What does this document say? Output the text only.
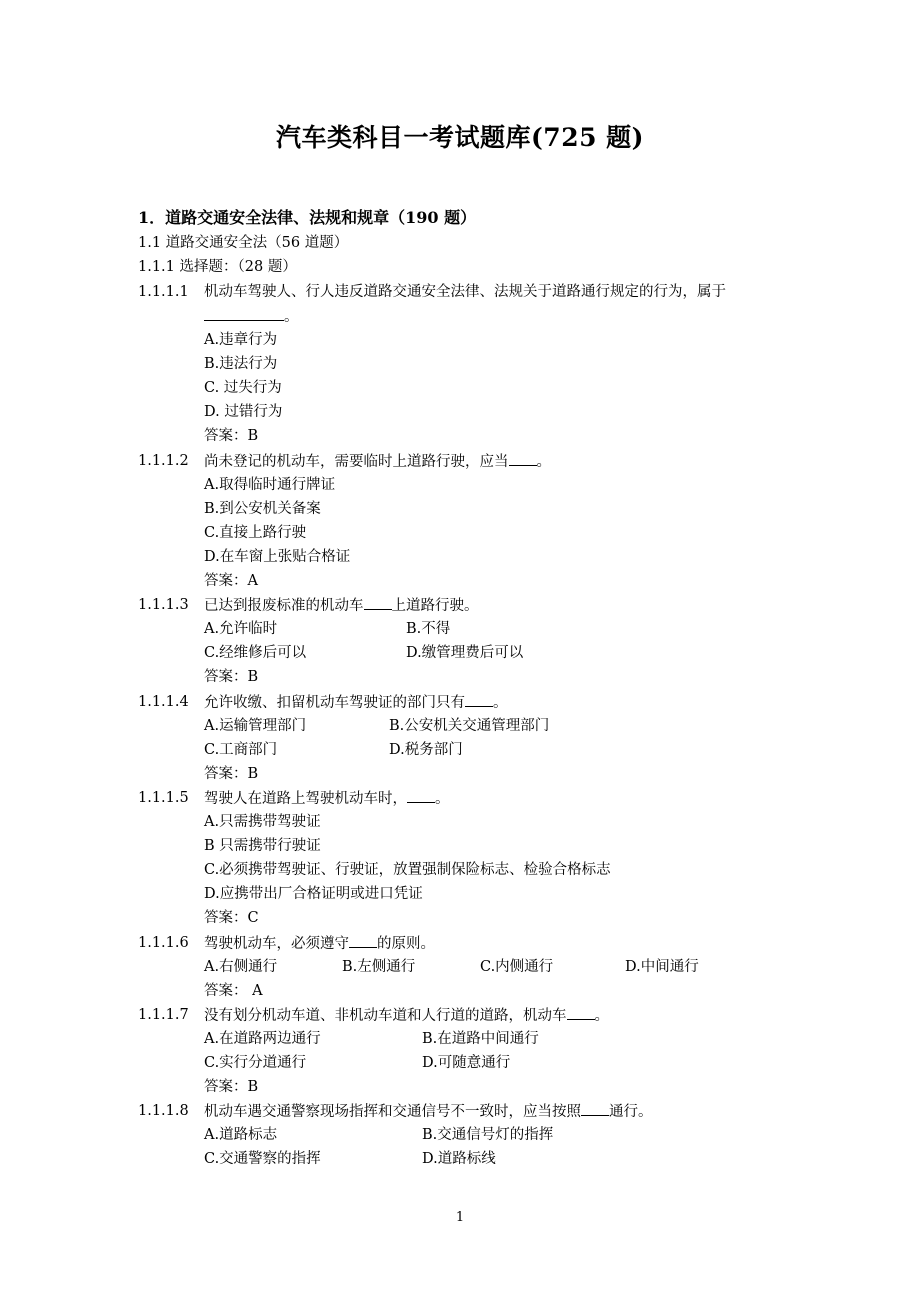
汽车类科目一考试题库(725 题)
1．道路交通安全法律、法规和规章（190 题）
1.1 道路交通安全法（56 道题）
1.1.1 选择题：（28 题）
1.1.1.1 机动车驾驶人、行人违反道路交通安全法律、法规关于道路通行规定的行为，属于
。
A.违章行为
B.违法行为
C. 过失行为
D. 过错行为
答案：B
1.1.1.2 尚未登记的机动车，需要临时上道路行驶，应当 。
A.取得临时通行牌证
B.到公安机关备案
C.直接上路行驶
D.在车窗上张贴合格证
答案：A
1.1.1.3 已达到报废标准的机动车 上道路行驶。
A.允许临时	B.不得
C.经维修后可以	D.缴管理费后可以
答案：B
1.1.1.4 允许收缴、扣留机动车驾驶证的部门只有 。
A.运输管理部门	B.公安机关交通管理部门
C.工商部门	D.税务部门
答案：B
1.1.1.5 驾驶人在道路上驾驶机动车时， 。
A.只需携带驾驶证
B 只需携带行驶证
C.必须携带驾驶证、行驶证，放置强制保险标志、检验合格标志
D.应携带出厂合格证明或进口凭证
答案：C
1.1.1.6 驾驶机动车，必须遵守 的原则。
A.右侧通行	B.左侧通行	C.内侧通行	D.中间通行
答案： A
1.1.1.7 没有划分机动车道、非机动车道和人行道的道路，机动车 。
A.在道路两边通行	B.在道路中间通行
C.实行分道通行	D.可随意通行
答案：B
1.1.1.8 机动车遇交通警察现场指挥和交通信号不一致时，应当按照 通行。
A.道路标志	B.交通信号灯的指挥
C.交通警察的指挥	D.道路标线
1
